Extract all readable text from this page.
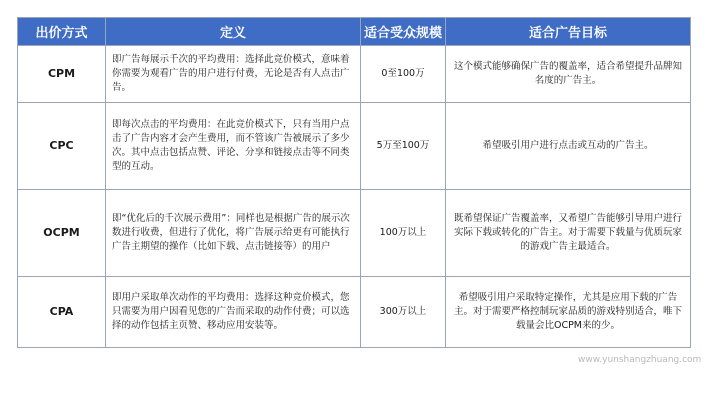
出价方式	定义	适合受众规模	适合广告目标
CPM	即广告每展示千次的平均费用：选择此竞价模式，意味着你需要为观看广告的用户进行付费，无论是否有人点击广告。	0至100万	这个模式能够确保广告的覆盖率，适合希望提升品牌知名度的广告主。
CPC	即每次点击的平均费用：在此竞价模式下，只有当用户点击了广告内容才会产生费用，而不管该广告被展示了多少次。其中点击包括点赞、评论、分享和链接点击等不同类型的互动。	5万至100万	希望吸引用户进行点击或互动的广告主。
OCPM	即“优化后的千次展示费用”：同样也是根据广告的展示次数进行收费，但进行了优化，将广告展示给更有可能执行广告主期望的操作（比如下载、点击链接等）的用户	100万以上	既希望保证广告覆盖率，又希望广告能够引导用户进行实际下载或转化的广告主。对于需要下载量与优质玩家的游戏广告主最适合。
CPA	即用户采取单次动作的平均费用：选择这种竞价模式，您只需要为用户因看见您的广告而采取的动作付费；可以选择的动作包括主页赞、移动应用安装等。	300万以上	希望吸引用户采取特定操作，尤其是应用下载的广告主。对于需要严格控制玩家品质的游戏特别适合，唯下载量会比OCPM来的少。
www.yunshangzhuang.com
